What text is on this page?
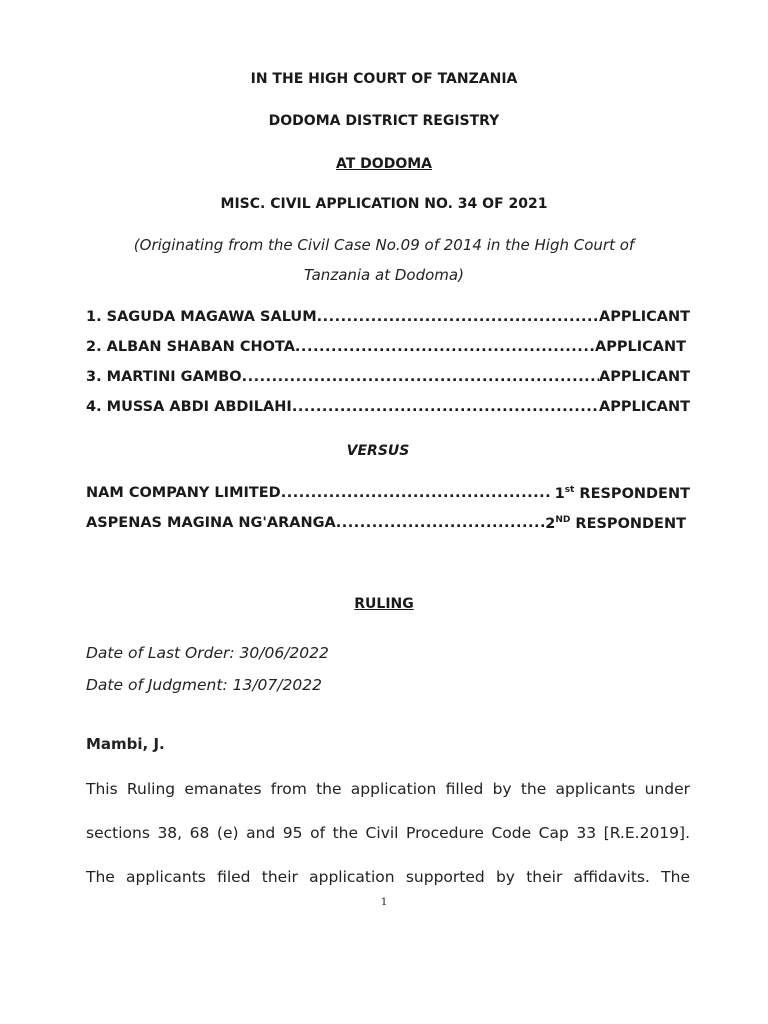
IN THE HIGH COURT OF TANZANIA
DODOMA DISTRICT REGISTRY
AT DODOMA
MISC. CIVIL APPLICATION NO. 34 OF 2021
(Originating from the Civil Case No.09 of 2014 in the High Court of
Tanzania at Dodoma)
1. SAGUDA MAGAWA SALUM .....	APPLICANT
2. ALBAN SHABAN CHOTA .....	APPLICANT
3. MARTINI GAMBO .....	APPLICANT
4. MUSSA ABDI ABDILAHI .....	APPLICANT
VERSUS
NAM COMPANY LIMITED .....	1st RESPONDENT
ASPENAS MAGINA NG'ARANGA .....	2ND RESPONDENT
RULING
Date of Last Order: 30/06/2022
Date of Judgment: 13/07/2022
Mambi, J.
This Ruling emanates from the application filled by the applicants under
sections 38, 68 (e) and 95 of the Civil Procedure Code Cap 33 [R.E.2019].
The applicants filed their application supported by their affidavits. The
1
